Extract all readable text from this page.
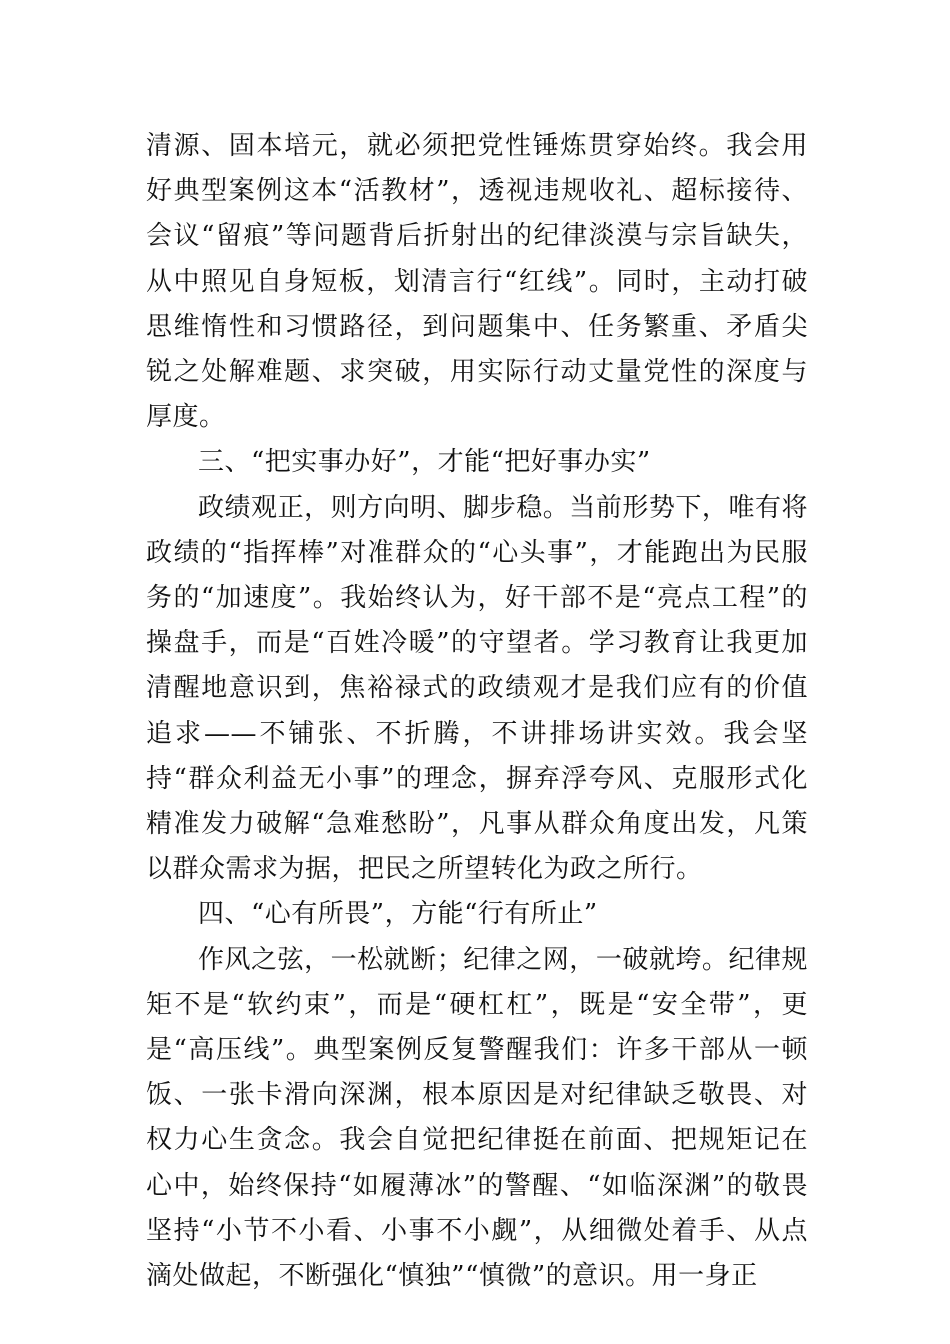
清源、固本培元，就必须把党性锤炼贯穿始终。我会用好典型案例这本“活教材”，透视违规收礼、超标接待、会议“留痕”等问题背后折射出的纪律淡漠与宗旨缺失，从中照见自身短板，划清言行“红线”。同时，主动打破思维惰性和习惯路径，到问题集中、任务繁重、矛盾尖锐之处解难题、求突破，用实际行动丈量党性的深度与厚度。

三、“把实事办好”，才能“把好事办实”

政绩观正，则方向明、脚步稳。当前形势下，唯有将政绩的“指挥棒”对准群众的“心头事”，才能跑出为民服务的“加速度”。我始终认为，好干部不是“亮点工程”的操盘手，而是“百姓冷暖”的守望者。学习教育让我更加清醒地意识到，焦裕禄式的政绩观才是我们应有的价值追求——不铺张、不折腾，不讲排场讲实效。我会坚持“群众利益无小事”的理念，摒弃浮夸风、克服形式化精准发力破解“急难愁盼”，凡事从群众角度出发，凡策以群众需求为据，把民之所望转化为政之所行。

四、“心有所畏”，方能“行有所止”

作风之弦，一松就断；纪律之网，一破就垮。纪律规矩不是“软约束”，而是“硬杠杠”，既是“安全带”，更是“高压线”。典型案例反复警醒我们：许多干部从一顿饭、一张卡滑向深渊，根本原因是对纪律缺乏敬畏、对权力心生贪念。我会自觉把纪律挺在前面、把规矩记在心中，始终保持“如履薄冰”的警醒、“如临深渊”的敬畏坚持“小节不小看、小事不小觑”，从细微处着手、从点滴处做起，不断强化“慎独”“慎微”的意识。用一身正
